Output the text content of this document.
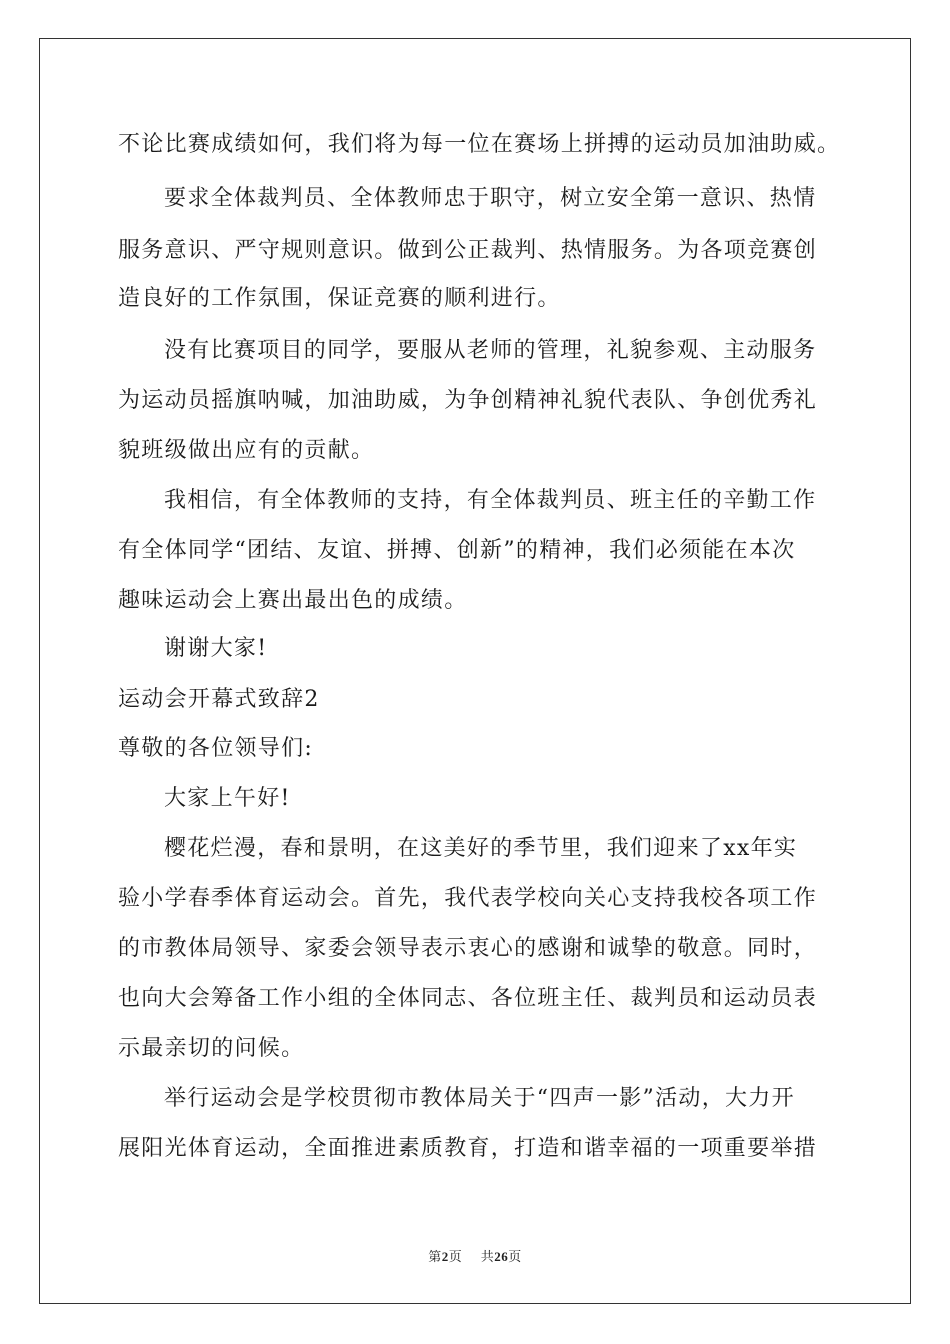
不论比赛成绩如何，我们将为每一位在赛场上拼搏的运动员加油助威。
要求全体裁判员、全体教师忠于职守，树立安全第一意识、热情
服务意识、严守规则意识。做到公正裁判、热情服务。为各项竞赛创
造良好的工作氛围，保证竞赛的顺利进行。
没有比赛项目的同学，要服从老师的管理，礼貌参观、主动服务
为运动员摇旗呐喊，加油助威，为争创精神礼貌代表队、争创优秀礼
貌班级做出应有的贡献。
我相信，有全体教师的支持，有全体裁判员、班主任的辛勤工作
有全体同学“团结、友谊、拼搏、创新”的精神，我们必须能在本次
趣味运动会上赛出最出色的成绩。
谢谢大家!
运动会开幕式致辞2
尊敬的各位领导们:
大家上午好!
樱花烂漫，春和景明，在这美好的季节里，我们迎来了xx年实
验小学春季体育运动会。首先，我代表学校向关心支持我校各项工作
的市教体局领导、家委会领导表示衷心的感谢和诚挚的敬意。同时，
也向大会筹备工作小组的全体同志、各位班主任、裁判员和运动员表
示最亲切的问候。
举行运动会是学校贯彻市教体局关于“四声一影”活动，大力开
展阳光体育运动，全面推进素质教育，打造和谐幸福的一项重要举措
第2页 共26页
